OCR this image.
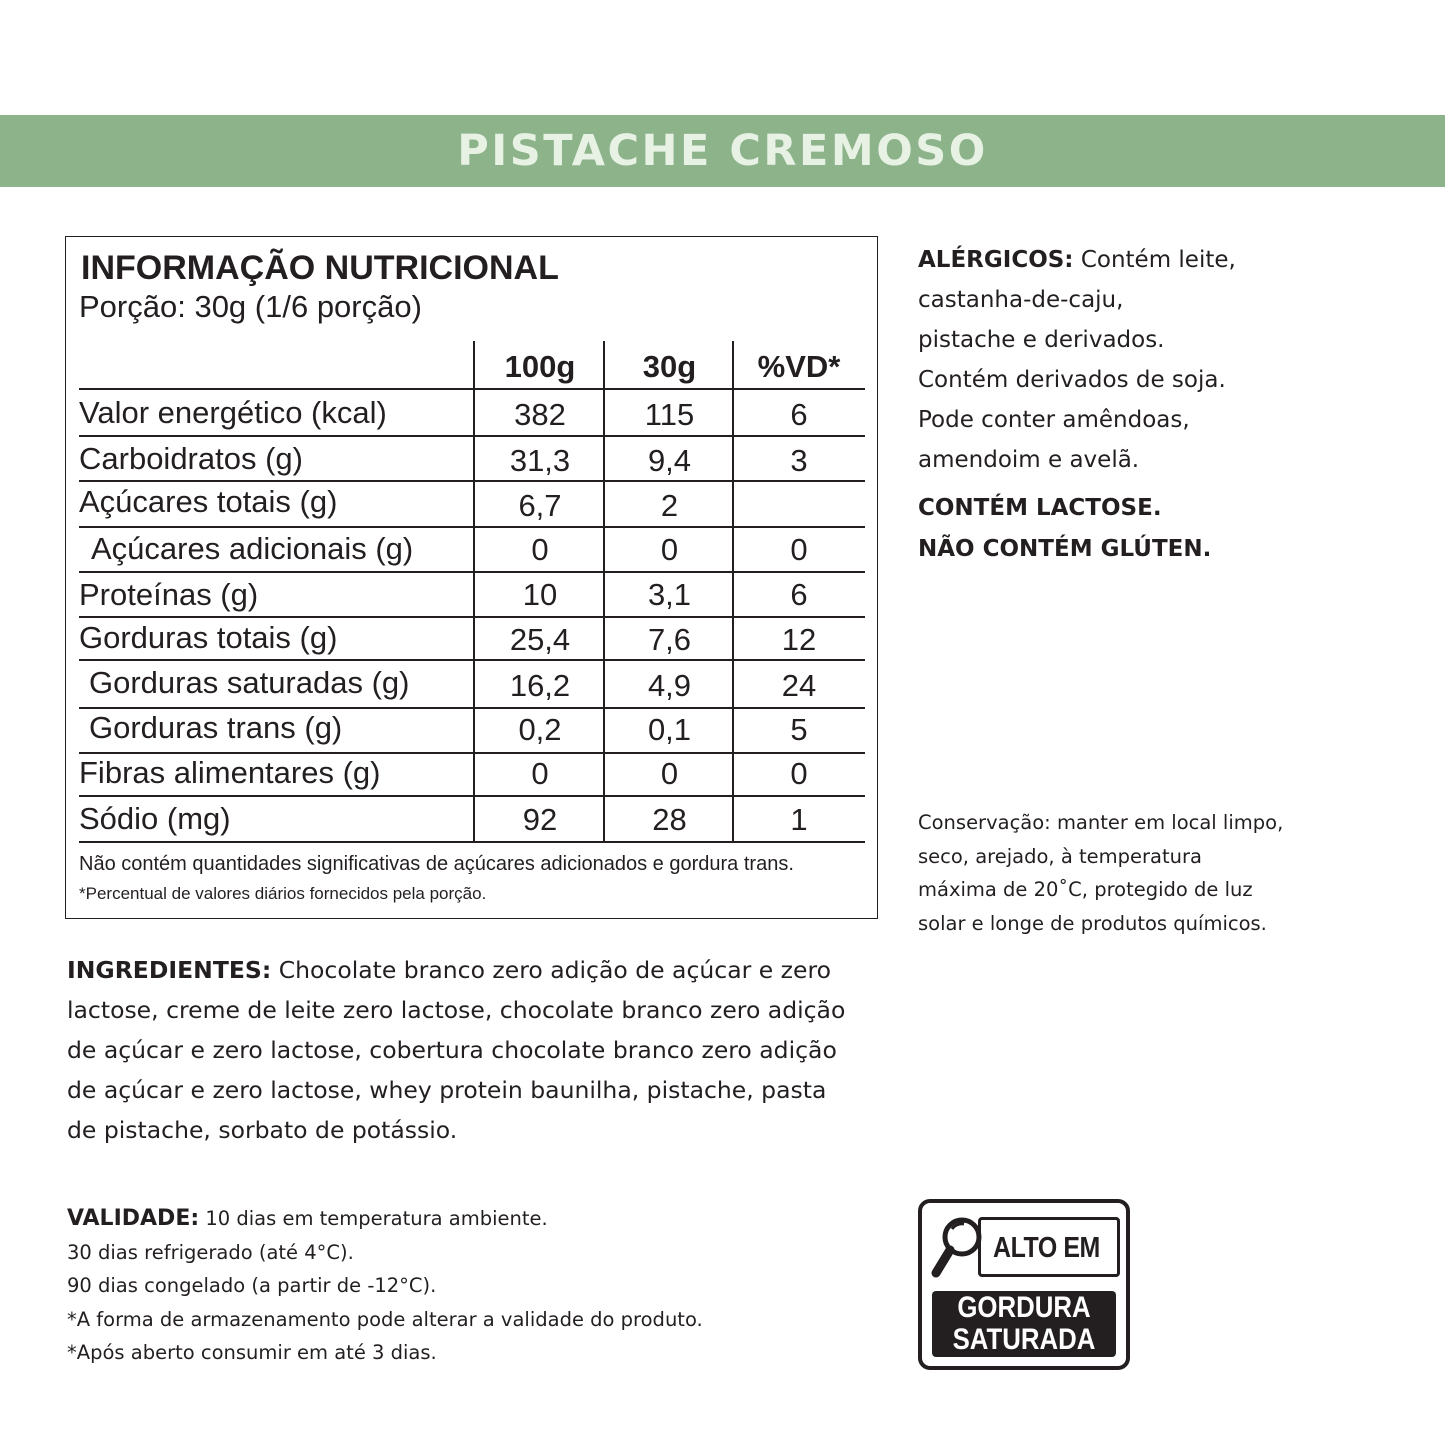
PISTACHE CREMOSO
INFORMAÇÃO NUTRICIONAL
Porção: 30g (1/6 porção)
100g	30g	%VD*
Valor energético (kcal)	382	115	6
Carboidratos (g)	31,3	9,4	3
Açúcares totais (g)	6,7	2
Açúcares adicionais (g)	0	0	0
Proteínas (g)	10	3,1	6
Gorduras totais (g)	25,4	7,6	12
Gorduras saturadas (g)	16,2	4,9	24
Gorduras trans (g)	0,2	0,1	5
Fibras alimentares (g)	0	0	0
Sódio (mg)	92	28	1
Não contém quantidades significativas de açúcares adicionados e gordura trans.
*Percentual de valores diários fornecidos pela porção.
ALÉRGICOS: Contém leite,
castanha-de-caju,
pistache e derivados.
Contém derivados de soja.
Pode conter amêndoas,
amendoim e avelã.
CONTÉM LACTOSE.
NÃO CONTÉM GLÚTEN.
Conservação: manter em local limpo,
seco, arejado, à temperatura
máxima de 20˚C, protegido de luz
solar e longe de produtos químicos.
INGREDIENTES: Chocolate branco zero adição de açúcar e zero
lactose, creme de leite zero lactose, chocolate branco zero adição
de açúcar e zero lactose, cobertura chocolate branco zero adição
de açúcar e zero lactose, whey protein baunilha, pistache, pasta
de pistache, sorbato de potássio.
VALIDADE: 10 dias em temperatura ambiente.
30 dias refrigerado (até 4°C).
90 dias congelado (a partir de -12°C).
*A forma de armazenamento pode alterar a validade do produto.
*Após aberto consumir em até 3 dias.
ALTO EM
GORDURA
SATURADA
